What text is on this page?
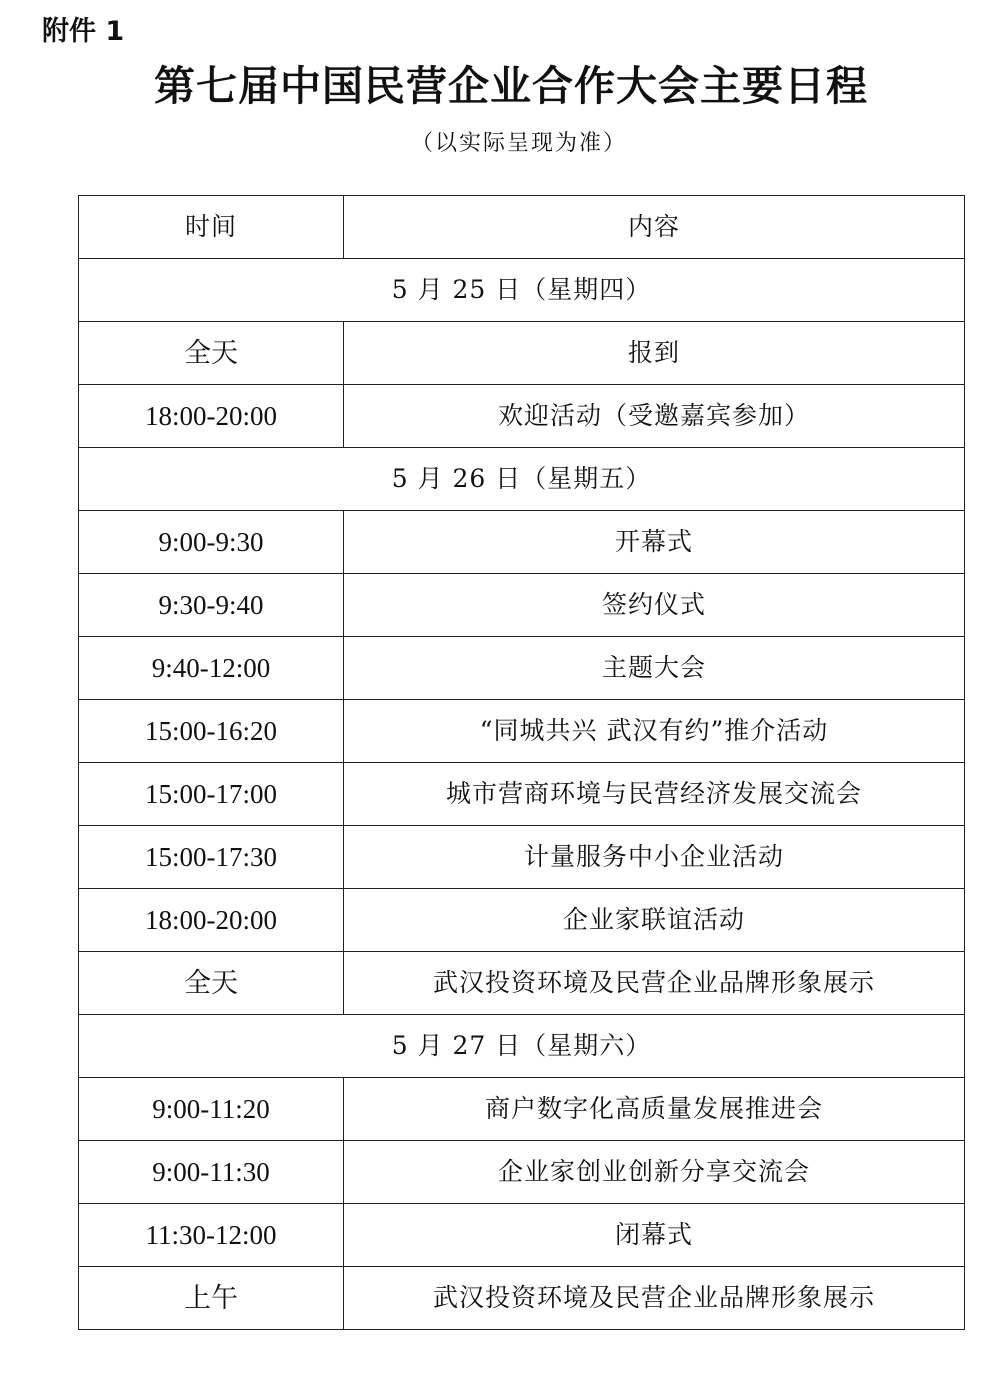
附件 1
第七届中国民营企业合作大会主要日程
（以实际呈现为准）
时间	内容
5 月 25 日（星期四）	
全天	报到
18:00-20:00	欢迎活动（受邀嘉宾参加）
5 月 26 日（星期五）	
9:00-9:30	开幕式
9:30-9:40	签约仪式
9:40-12:00	主题大会
15:00-16:20	“同城共兴 武汉有约”推介活动
15:00-17:00	城市营商环境与民营经济发展交流会
15:00-17:30	计量服务中小企业活动
18:00-20:00	企业家联谊活动
全天	武汉投资环境及民营企业品牌形象展示
5 月 27 日（星期六）	
9:00-11:20	商户数字化高质量发展推进会
9:00-11:30	企业家创业创新分享交流会
11:30-12:00	闭幕式
上午	武汉投资环境及民营企业品牌形象展示
